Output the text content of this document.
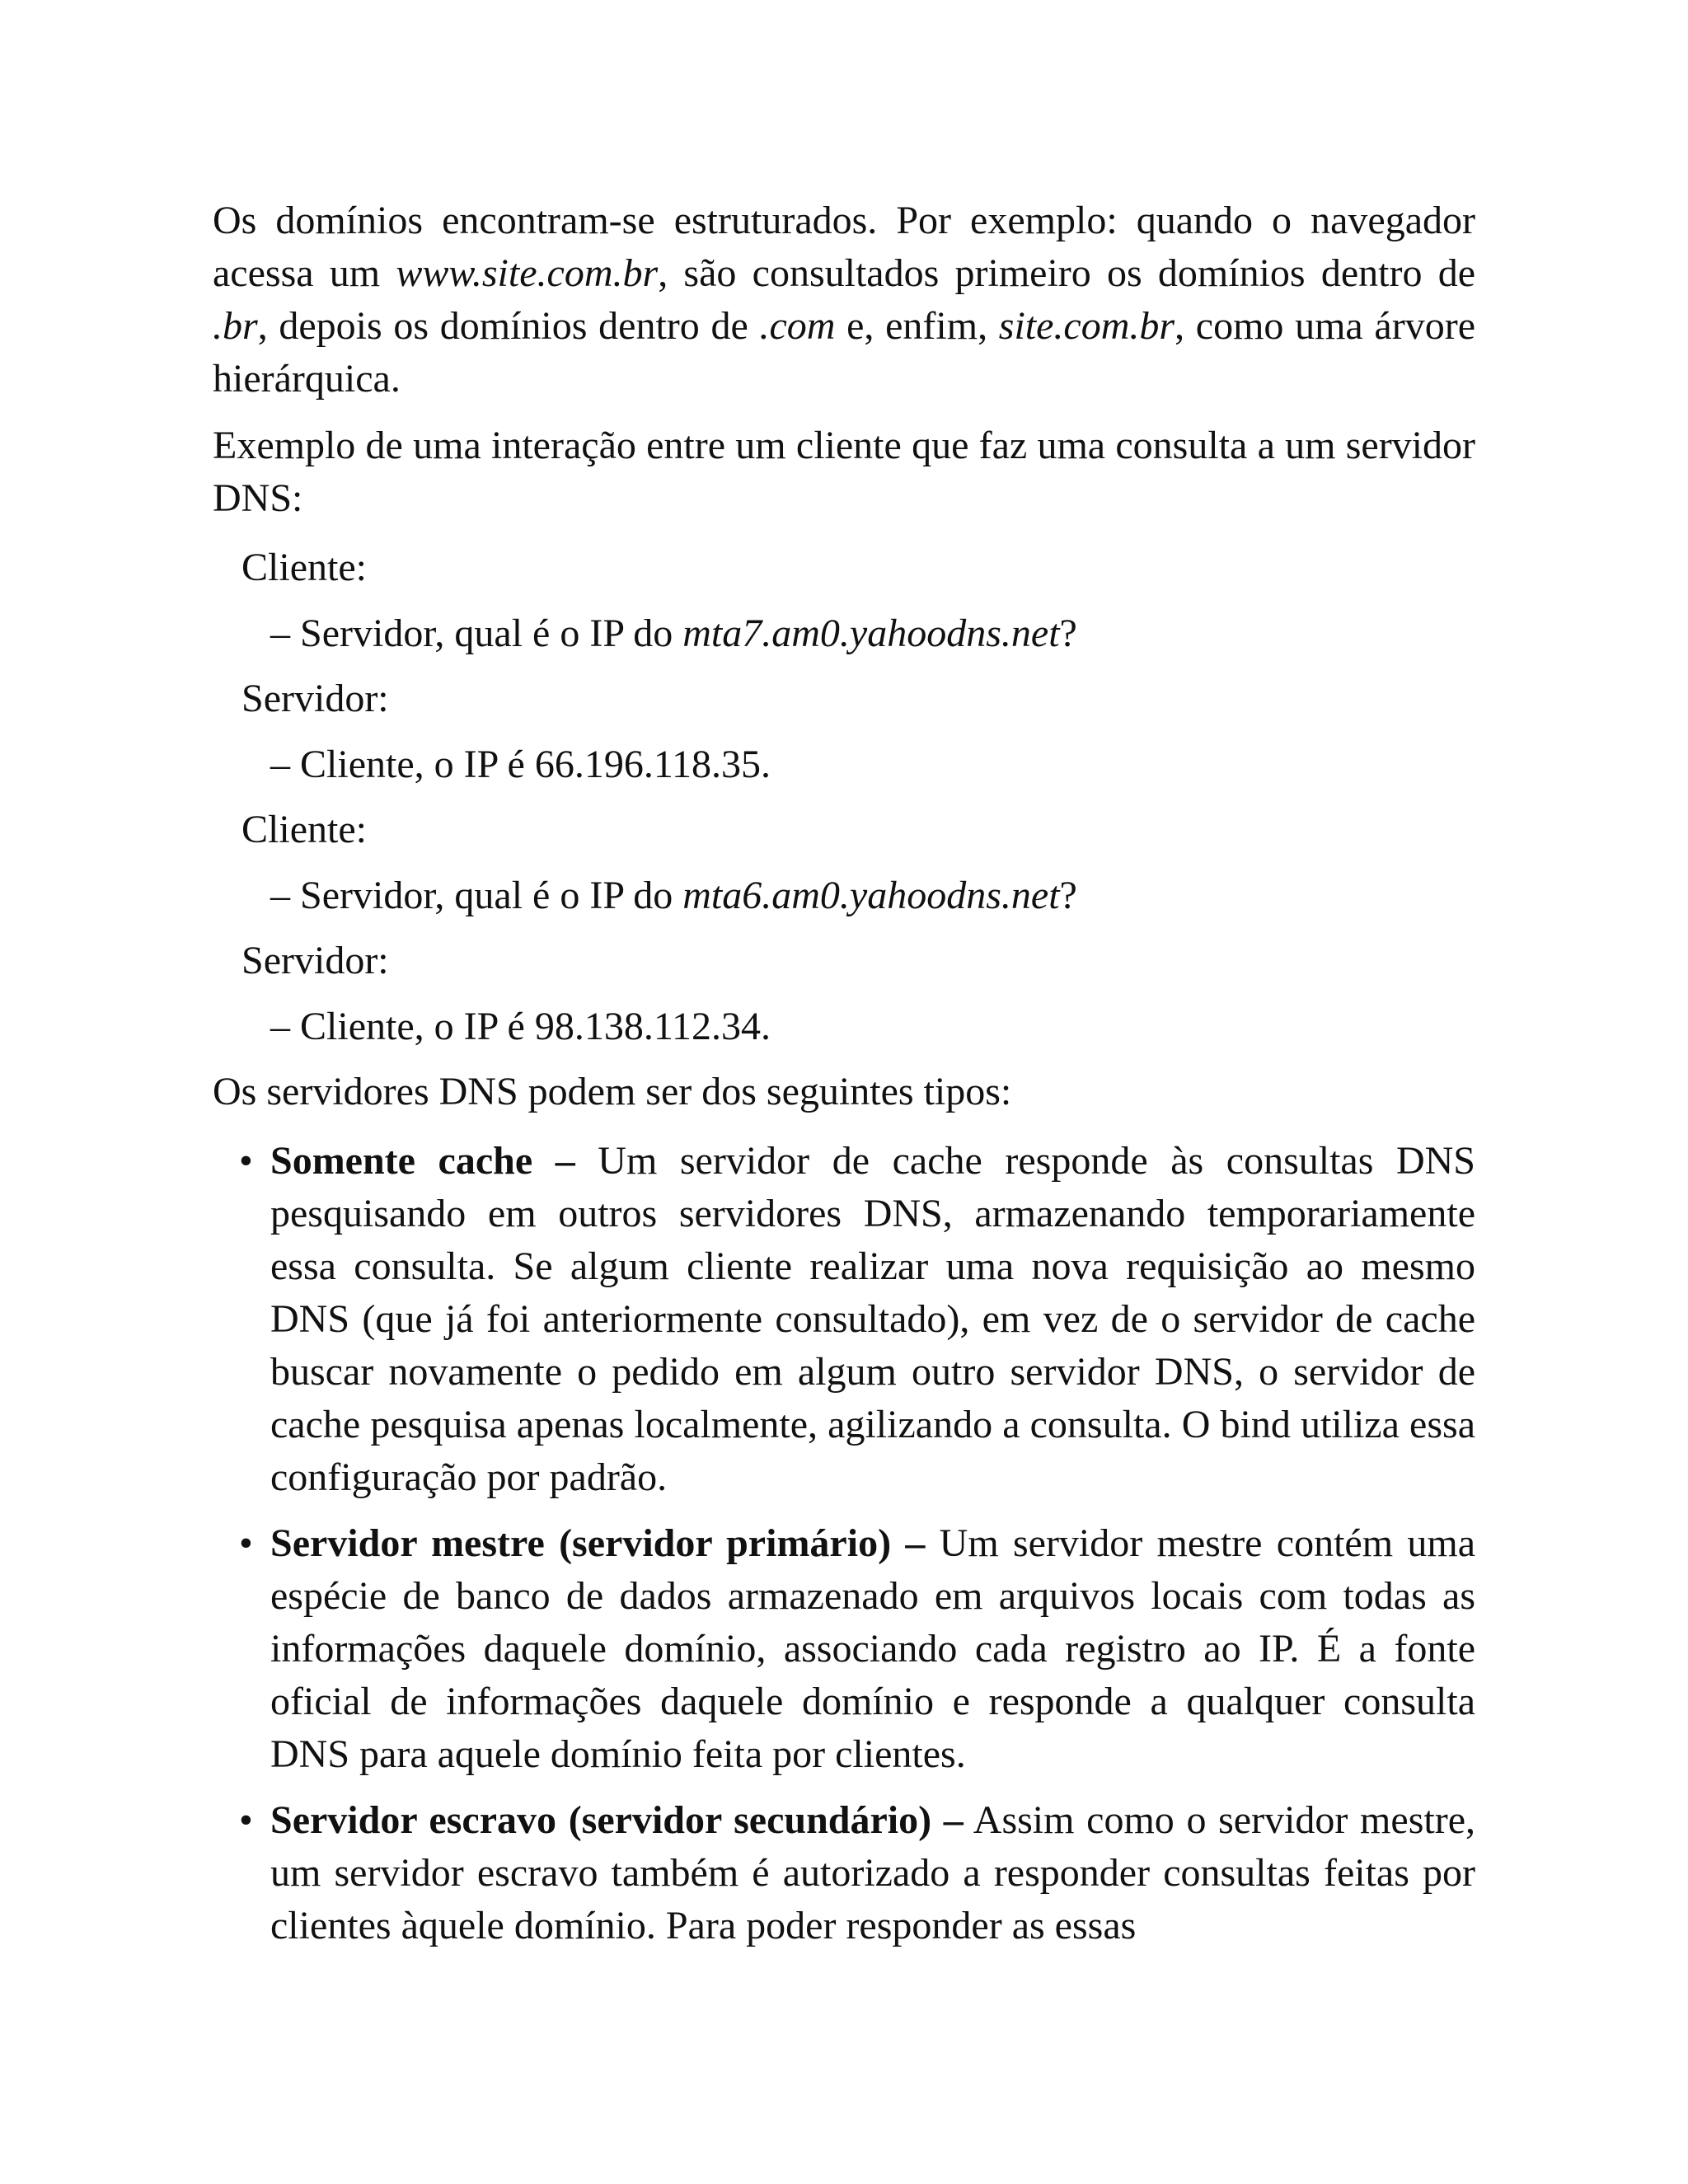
Os domínios encontram-se estruturados. Por exemplo: quando o navegador acessa um www.site.com.br, são consultados primeiro os domínios dentro de .br, depois os domínios dentro de .com e, enfim, site.com.br, como uma árvore hierárquica.

Exemplo de uma interação entre um cliente que faz uma consulta a um servidor DNS:

Cliente:
– Servidor, qual é o IP do mta7.am0.yahoodns.net?
Servidor:
– Cliente, o IP é 66.196.118.35.
Cliente:
– Servidor, qual é o IP do mta6.am0.yahoodns.net?
Servidor:
– Cliente, o IP é 98.138.112.34.

Os servidores DNS podem ser dos seguintes tipos:

• Somente cache – Um servidor de cache responde às consultas DNS pesquisando em outros servidores DNS, armazenando temporariamente essa consulta. Se algum cliente realizar uma nova requisição ao mesmo DNS (que já foi anteriormente consultado), em vez de o servidor de cache buscar novamente o pedido em algum outro servidor DNS, o servidor de cache pesquisa apenas localmente, agilizando a consulta. O bind utiliza essa configuração por padrão.
• Servidor mestre (servidor primário) – Um servidor mestre contém uma espécie de banco de dados armazenado em arquivos locais com todas as informações daquele domínio, associando cada registro ao IP. É a fonte oficial de informações daquele domínio e responde a qualquer consulta DNS para aquele domínio feita por clientes.
• Servidor escravo (servidor secundário) – Assim como o servidor mestre, um servidor escravo também é autorizado a responder consultas feitas por clientes àquele domínio. Para poder responder as essas
